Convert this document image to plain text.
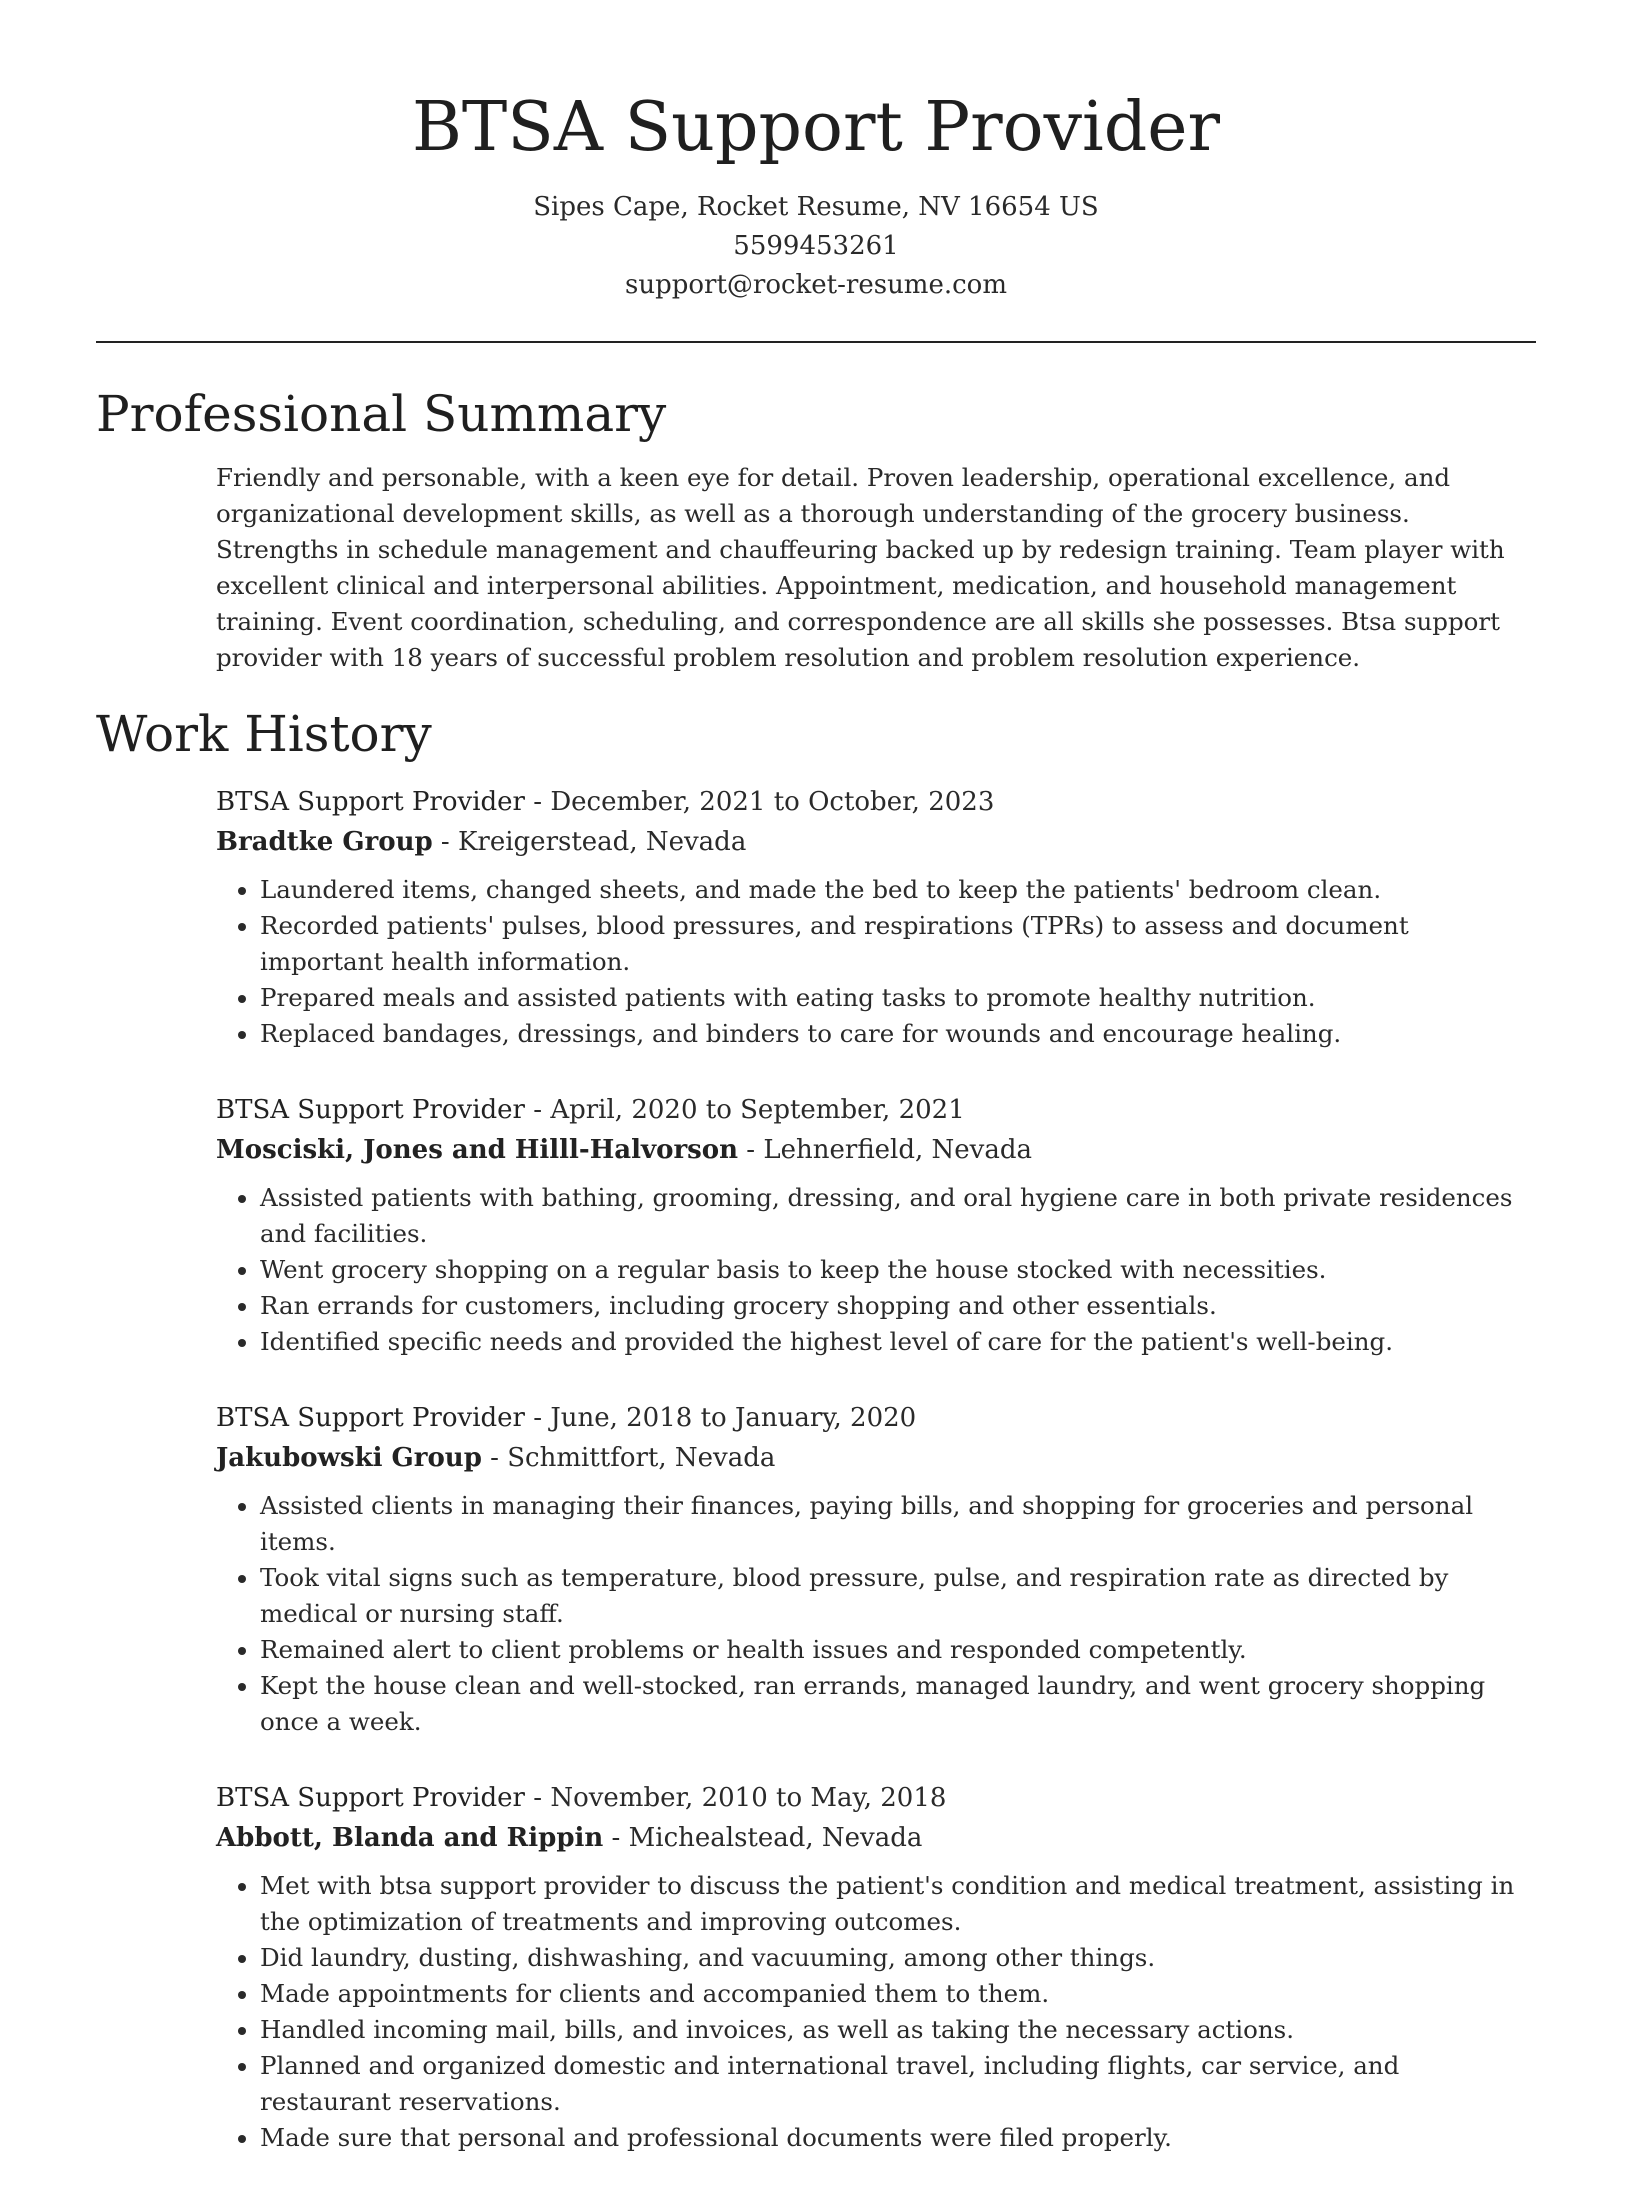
BTSA Support Provider
Sipes Cape, Rocket Resume, NV 16654 US
5599453261
support@rocket-resume.com
Professional Summary

Friendly and personable, with a keen eye for detail. Proven leadership, operational excellence, and organizational development skills, as well as a thorough understanding of the grocery business. Strengths in schedule management and chauffeuring backed up by redesign training. Team player with excellent clinical and interpersonal abilities. Appointment, medication, and household management training. Event coordination, scheduling, and correspondence are all skills she possesses. Btsa support provider with 18 years of successful problem resolution and problem resolution experience.

Work History
BTSA Support Provider - December, 2021 to October, 2023
Bradtke Group - Kreigerstead, Nevada
• Laundered items, changed sheets, and made the bed to keep the patients' bedroom clean.
• Recorded patients' pulses, blood pressures, and respirations (TPRs) to assess and document important health information.
• Prepared meals and assisted patients with eating tasks to promote healthy nutrition.
• Replaced bandages, dressings, and binders to care for wounds and encourage healing.
BTSA Support Provider - April, 2020 to September, 2021
Mosciski, Jones and Hilll-Halvorson - Lehnerfield, Nevada
• Assisted patients with bathing, grooming, dressing, and oral hygiene care in both private residences and facilities.
• Went grocery shopping on a regular basis to keep the house stocked with necessities.
• Ran errands for customers, including grocery shopping and other essentials.
• Identified specific needs and provided the highest level of care for the patient's well-being.
BTSA Support Provider - June, 2018 to January, 2020
Jakubowski Group - Schmittfort, Nevada
• Assisted clients in managing their finances, paying bills, and shopping for groceries and personal items.
• Took vital signs such as temperature, blood pressure, pulse, and respiration rate as directed by medical or nursing staff.
• Remained alert to client problems or health issues and responded competently.
• Kept the house clean and well-stocked, ran errands, managed laundry, and went grocery shopping once a week.
BTSA Support Provider - November, 2010 to May, 2018
Abbott, Blanda and Rippin - Michealstead, Nevada
• Met with btsa support provider to discuss the patient's condition and medical treatment, assisting in the optimization of treatments and improving outcomes.
• Did laundry, dusting, dishwashing, and vacuuming, among other things.
• Made appointments for clients and accompanied them to them.
• Handled incoming mail, bills, and invoices, as well as taking the necessary actions.
• Planned and organized domestic and international travel, including flights, car service, and restaurant reservations.
• Made sure that personal and professional documents were filed properly.
